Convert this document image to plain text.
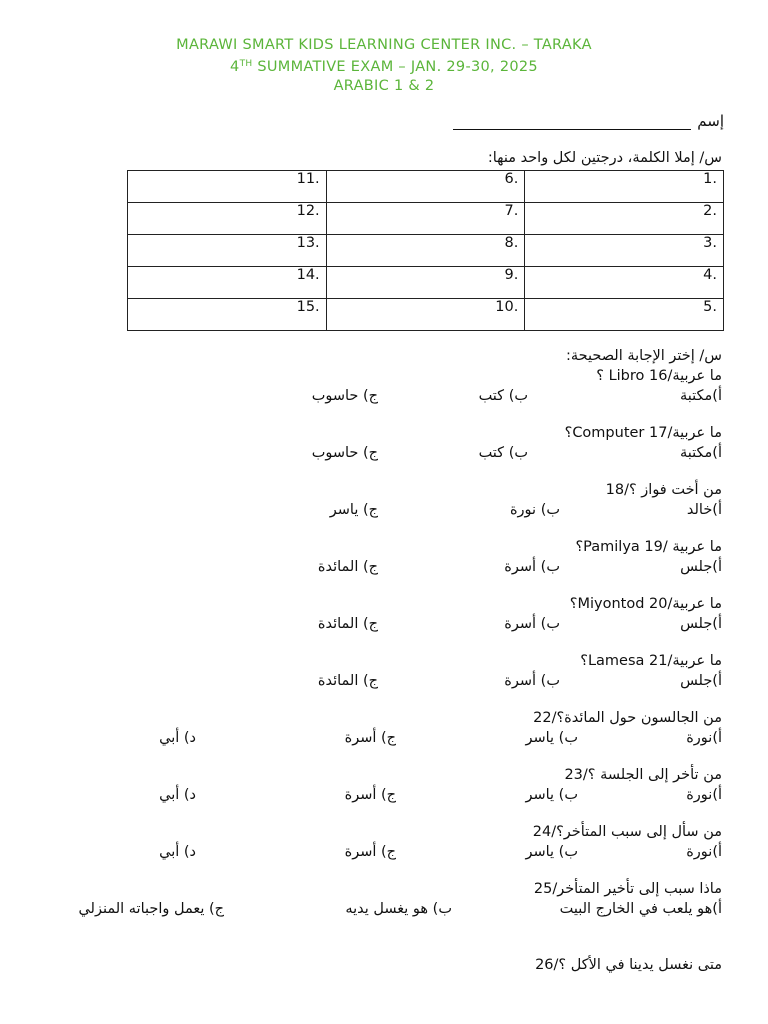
MARAWI SMART KIDS LEARNING CENTER INC. – TARAKA
4TH SUMMATIVE EXAM – JAN. 29-30, 2025
ARABIC 1 & 2
إسم
س/ إملا الكلمة، درجتين لكل واحد منها:
11.	6.	1.
12.	7.	2.
13.	8.	3.
14.	9.	4.
15.	10.	5.
س/ إختر الإجابة الصحيحة:
ما عربية/16 Libro ؟
أ)مكتبة
ب) كتب
ج) حاسوب
ما عربية/17 Computer؟
أ)مكتبة
ب) كتب
ج) حاسوب
من أخت فواز ؟/18
أ)خالد
ب) نورة
ج) ياسر
ما عربية /19 Pamilya؟
أ)جلس
ب) أسرة
ج) المائدة
ما عربية/20 Miyontod؟
أ)جلس
ب) أسرة
ج) المائدة
ما عربية/21 Lamesa؟
أ)جلس
ب) أسرة
ج) المائدة
من الجالسون حول المائدة؟/22
أ)نورة
ب) ياسر
ج) أسرة
د) أبي
من تأخر إلى الجلسة ؟/23
أ)نورة
ب) ياسر
ج) أسرة
د) أبي
من سأل إلى سبب المتأخر؟/24
أ)نورة
ب) ياسر
ج) أسرة
د) أبي
ماذا سبب إلى تأخير المتأخر/25
أ)هو يلعب في الخارج البيت
ب) هو يغسل يديه
ج) يعمل واجباته المنزلي
متى نغسل يدينا في الأكل ؟/26
